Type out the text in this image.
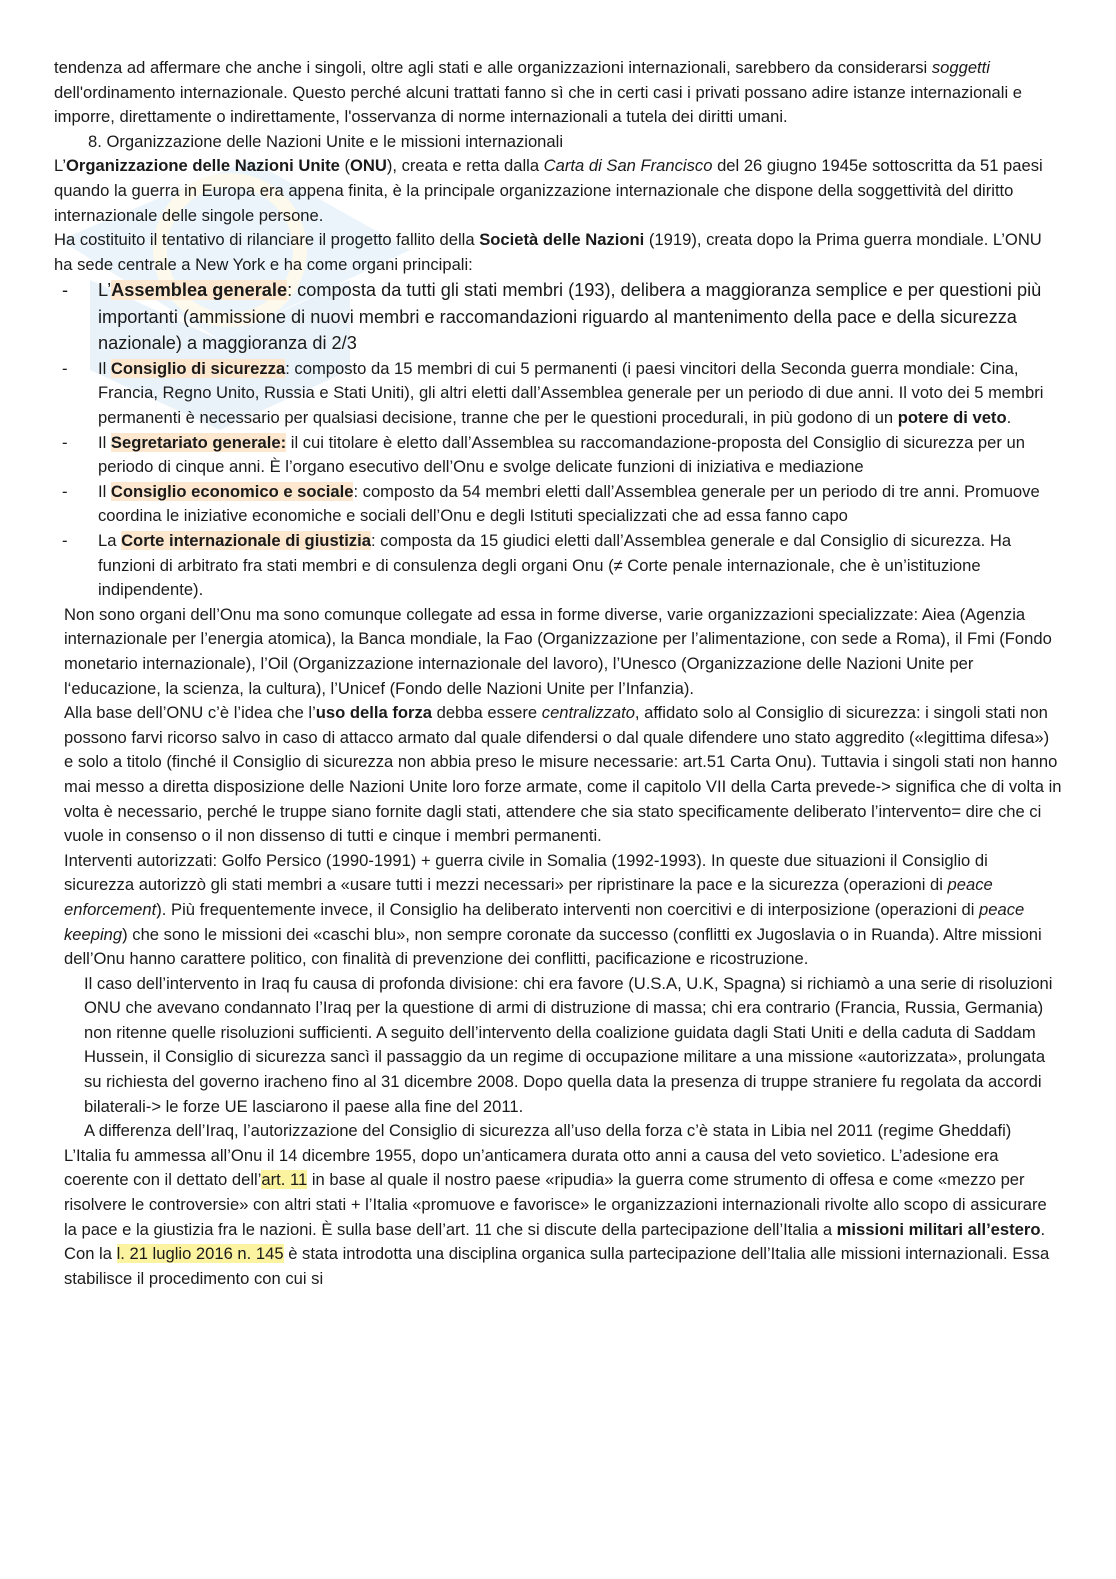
tendenza ad affermare che anche i singoli, oltre agli stati e alle organizzazioni internazionali, sarebbero da considerarsi soggetti dell'ordinamento internazionale. Questo perché alcuni trattati fanno sì che in certi casi i privati possano adire istanze internazionali e imporre, direttamente o indirettamente, l'osservanza di norme internazionali a tutela dei diritti umani.

8. Organizzazione delle Nazioni Unite e le missioni internazionali

L’Organizzazione delle Nazioni Unite (ONU), creata e retta dalla Carta di San Francisco del 26 giugno 1945e sottoscritta da 51 paesi quando la guerra in Europa era appena finita, è la principale organizzazione internazionale che dispone della soggettività del diritto internazionale delle singole persone.

Ha costituito il tentativo di rilanciare il progetto fallito della Società delle Nazioni (1919), creata dopo la Prima guerra mondiale. L’ONU ha sede centrale a New York e ha come organi principali:

- L’Assemblea generale: composta da tutti gli stati membri (193), delibera a maggioranza semplice e per questioni più importanti (ammissione di nuovi membri e raccomandazioni riguardo al mantenimento della pace e della sicurezza nazionale) a maggioranza di 2/3
- Il Consiglio di sicurezza: composto da 15 membri di cui 5 permanenti (i paesi vincitori della Seconda guerra mondiale: Cina, Francia, Regno Unito, Russia e Stati Uniti), gli altri eletti dall’Assemblea generale per un periodo di due anni. Il voto dei 5 membri permanenti è necessario per qualsiasi decisione, tranne che per le questioni procedurali, in più godono di un potere di veto.
- Il Segretariato generale: il cui titolare è eletto dall’Assemblea su raccomandazione-proposta del Consiglio di sicurezza per un periodo di cinque anni. È l’organo esecutivo dell’Onu e svolge delicate funzioni di iniziativa e mediazione
- Il Consiglio economico e sociale: composto da 54 membri eletti dall’Assemblea generale per un periodo di tre anni. Promuove coordina le iniziative economiche e sociali dell’Onu e degli Istituti specializzati che ad essa fanno capo
- La Corte internazionale di giustizia: composta da 15 giudici eletti dall’Assemblea generale e dal Consiglio di sicurezza. Ha funzioni di arbitrato fra stati membri e di consulenza degli organi Onu (≠ Corte penale internazionale, che è un’istituzione indipendente).

Non sono organi dell’Onu ma sono comunque collegate ad essa in forme diverse, varie organizzazioni specializzate: Aiea (Agenzia internazionale per l’energia atomica), la Banca mondiale, la Fao (Organizzazione per l’alimentazione, con sede a Roma), il Fmi (Fondo monetario internazionale), l’Oil (Organizzazione internazionale del lavoro), l’Unesco (Organizzazione delle Nazioni Unite per l‘educazione, la scienza, la cultura), l’Unicef (Fondo delle Nazioni Unite per l’Infanzia).

Alla base dell’ONU c’è l’idea che l’uso della forza debba essere centralizzato, affidato solo al Consiglio di sicurezza: i singoli stati non possono farvi ricorso salvo in caso di attacco armato dal quale difendersi o dal quale difendere uno stato aggredito («legittima difesa») e solo a titolo (finché il Consiglio di sicurezza non abbia preso le misure necessarie: art.51 Carta Onu). Tuttavia i singoli stati non hanno mai messo a diretta disposizione delle Nazioni Unite loro forze armate, come il capitolo VII della Carta prevede-> significa che di volta in volta è necessario, perché le truppe siano fornite dagli stati, attendere che sia stato specificamente deliberato l’intervento= dire che ci vuole in consenso o il non dissenso di tutti e cinque i membri permanenti.

Interventi autorizzati: Golfo Persico (1990-1991) + guerra civile in Somalia (1992-1993). In queste due situazioni il Consiglio di sicurezza autorizzò gli stati membri a «usare tutti i mezzi necessari» per ripristinare la pace e la sicurezza (operazioni di peace enforcement). Più frequentemente invece, il Consiglio ha deliberato interventi non coercitivi e di interposizione (operazioni di peace keeping) che sono le missioni dei «caschi blu», non sempre coronate da successo (conflitti ex Jugoslavia o in Ruanda). Altre missioni dell’Onu hanno carattere politico, con finalità di prevenzione dei conflitti, pacificazione e ricostruzione.

Il caso dell’intervento in Iraq fu causa di profonda divisione: chi era favore (U.S.A, U.K, Spagna) si richiamò a una serie di risoluzioni ONU che avevano condannato l’Iraq per la questione di armi di distruzione di massa; chi era contrario (Francia, Russia, Germania) non ritenne quelle risoluzioni sufficienti. A seguito dell’intervento della coalizione guidata dagli Stati Uniti e della caduta di Saddam Hussein, il Consiglio di sicurezza sancì il passaggio da un regime di occupazione militare a una missione «autorizzata», prolungata su richiesta del governo iracheno fino al 31 dicembre 2008. Dopo quella data la presenza di truppe straniere fu regolata da accordi bilaterali-> le forze UE lasciarono il paese alla fine del 2011.

A differenza dell’Iraq, l’autorizzazione del Consiglio di sicurezza all’uso della forza c’è stata in Libia nel 2011 (regime Gheddafi)

L’Italia fu ammessa all’Onu il 14 dicembre 1955, dopo un’anticamera durata otto anni a causa del veto sovietico. L’adesione era coerente con il dettato dell’art. 11 in base al quale il nostro paese «ripudia» la guerra come strumento di offesa e come «mezzo per risolvere le controversie» con altri stati + l’Italia «promuove e favorisce» le organizzazioni internazionali rivolte allo scopo di assicurare la pace e la giustizia fra le nazioni. È sulla base dell’art. 11 che si discute della partecipazione dell’Italia a missioni militari all’estero. Con la l. 21 luglio 2016 n. 145 è stata introdotta una disciplina organica sulla partecipazione dell’Italia alle missioni internazionali. Essa stabilisce il procedimento con cui si
